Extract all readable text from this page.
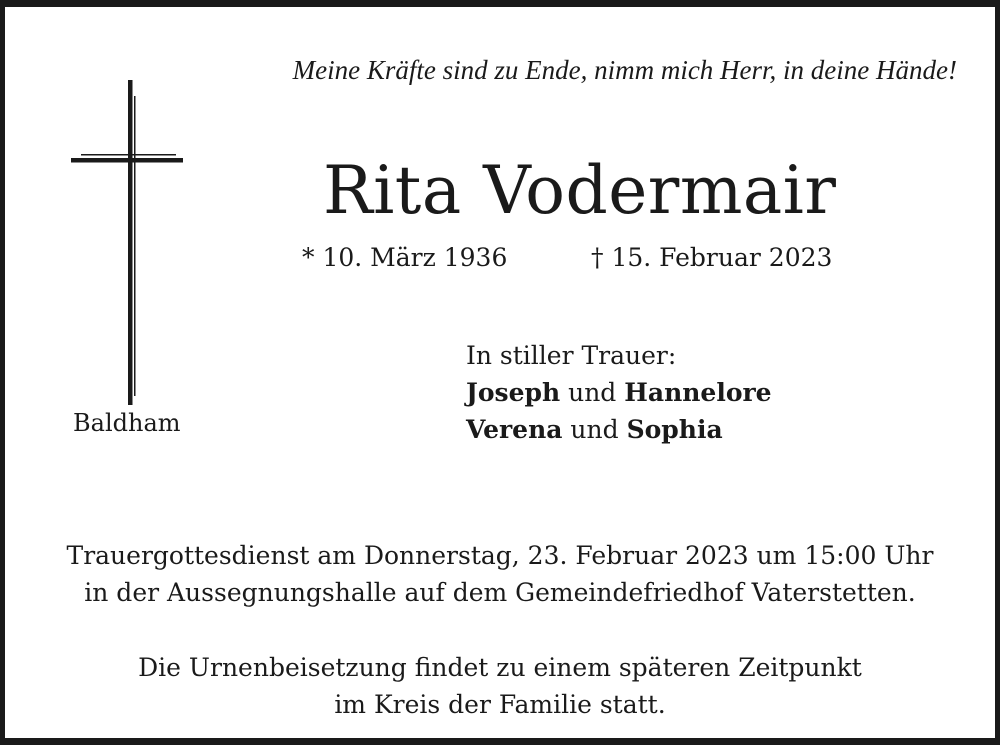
Meine Kräfte sind zu Ende, nimm mich Herr, in deine Hände!
Baldham
Rita Vodermair
* 10. März 1936	† 15. Februar 2023
In stiller Trauer:
Joseph und Hannelore
Verena und Sophia
Trauergottesdienst am Donnerstag, 23. Februar 2023 um 15:00 Uhr
in der Aussegnungshalle auf dem Gemeindefriedhof Vaterstetten.
Die Urnenbeisetzung findet zu einem späteren Zeitpunkt
im Kreis der Familie statt.
